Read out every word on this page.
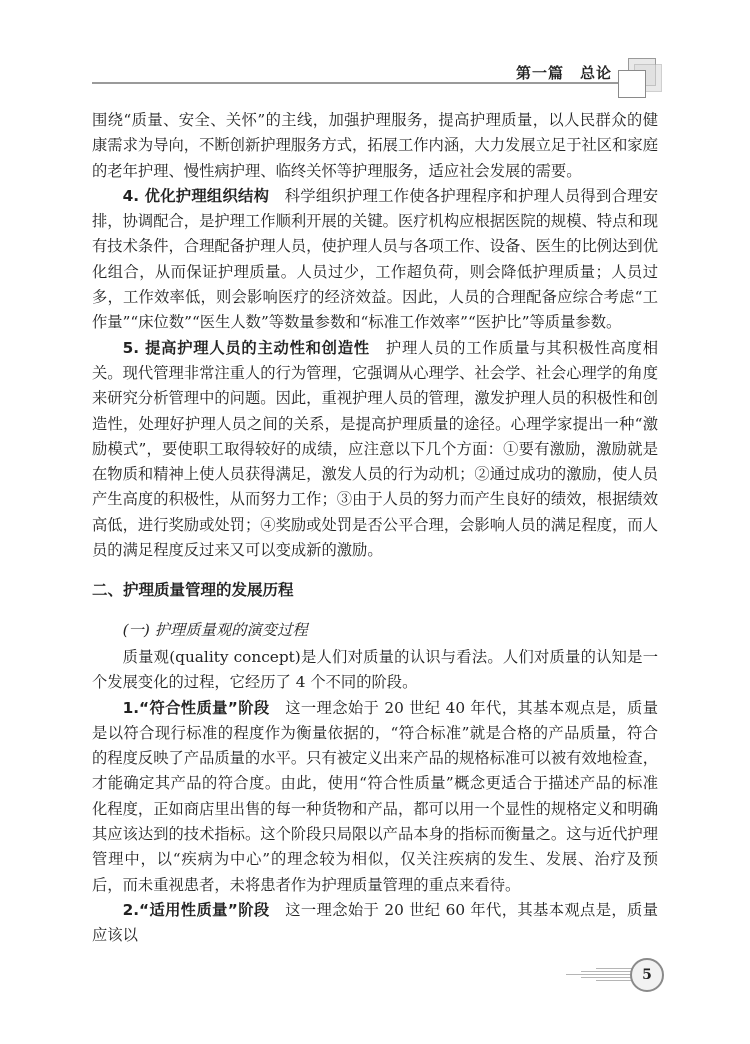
第一篇　总论

围绕“质量、安全、关怀”的主线，加强护理服务，提高护理质量，以人民群众的健康需求为导向，不断创新护理服务方式，拓展工作内涵，大力发展立足于社区和家庭的老年护理、慢性病护理、临终关怀等护理服务，适应社会发展的需要。

4. 优化护理组织结构　科学组织护理工作使各护理程序和护理人员得到合理安排，协调配合，是护理工作顺利开展的关键。医疗机构应根据医院的规模、特点和现有技术条件，合理配备护理人员，使护理人员与各项工作、设备、医生的比例达到优化组合，从而保证护理质量。人员过少，工作超负荷，则会降低护理质量；人员过多，工作效率低，则会影响医疗的经济效益。因此，人员的合理配备应综合考虑“工作量”“床位数”“医生人数”等数量参数和“标准工作效率”“医护比”等质量参数。

5. 提高护理人员的主动性和创造性　护理人员的工作质量与其积极性高度相关。现代管理非常注重人的行为管理，它强调从心理学、社会学、社会心理学的角度来研究分析管理中的问题。因此，重视护理人员的管理，激发护理人员的积极性和创造性，处理好护理人员之间的关系，是提高护理质量的途径。心理学家提出一种“激励模式”，要使职工取得较好的成绩，应注意以下几个方面：①要有激励，激励就是在物质和精神上使人员获得满足，激发人员的行为动机；②通过成功的激励，使人员产生高度的积极性，从而努力工作；③由于人员的努力而产生良好的绩效，根据绩效高低，进行奖励或处罚；④奖励或处罚是否公平合理，会影响人员的满足程度，而人员的满足程度反过来又可以变成新的激励。

二、护理质量管理的发展历程

(一) 护理质量观的演变过程

质量观(quality concept)是人们对质量的认识与看法。人们对质量的认知是一个发展变化的过程，它经历了 4 个不同的阶段。

1.“符合性质量”阶段　这一理念始于 20 世纪 40 年代，其基本观点是，质量是以符合现行标准的程度作为衡量依据的，“符合标准”就是合格的产品质量，符合的程度反映了产品质量的水平。只有被定义出来产品的规格标准可以被有效地检查，才能确定其产品的符合度。由此，使用“符合性质量”概念更适合于描述产品的标准化程度，正如商店里出售的每一种货物和产品，都可以用一个显性的规格定义和明确其应该达到的技术指标。这个阶段只局限以产品本身的指标而衡量之。这与近代护理管理中，以“疾病为中心”的理念较为相似，仅关注疾病的发生、发展、治疗及预后，而未重视患者，未将患者作为护理质量管理的重点来看待。

2.“适用性质量”阶段　这一理念始于 20 世纪 60 年代，其基本观点是，质量应该以

5
